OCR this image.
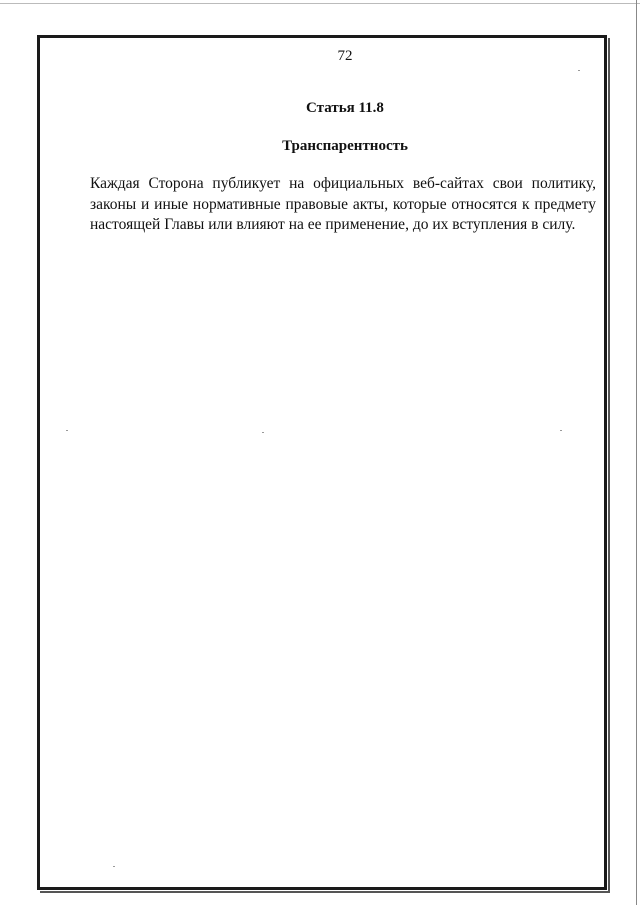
72
Статья 11.8
Транспарентность

Каждая Сторона публикует на официальных веб-сайтах свои политику, законы и иные нормативные правовые акты, которые относятся к предмету настоящей Главы или влияют на ее применение, до их вступления в силу.
